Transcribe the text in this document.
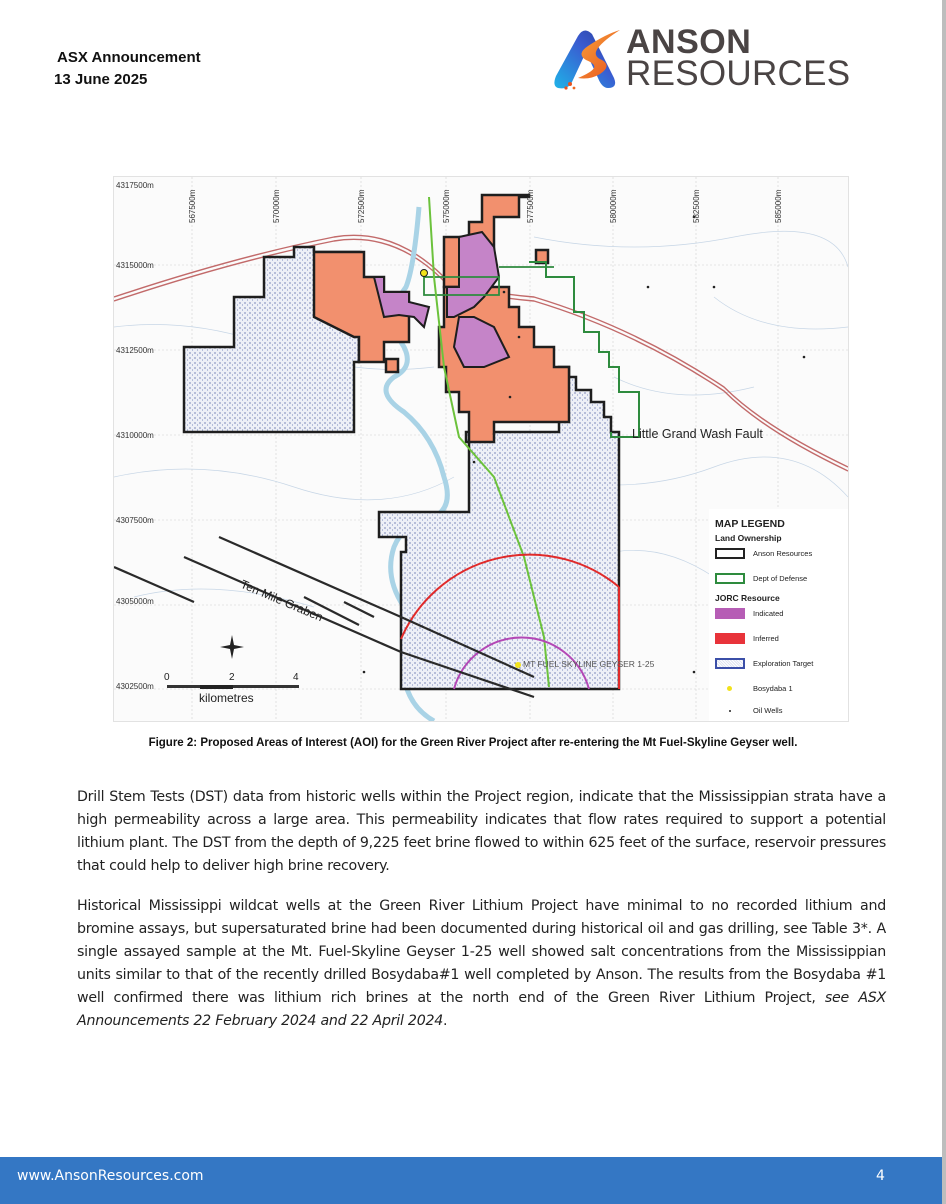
ASX Announcement
13 June 2025
ANSON
RESOURCES
4317500m
4315000m
4312500m
4310000m
4307500m
4305000m
4302500m
567500m	570000m	572500m	575000m	577500m	580000m	582500m	585000m
Little Grand Wash Fault
Ten Mile Graben
MT FUEL SKYLINE GEYSER 1-25
0	2	4
kilometres
MAP LEGEND
Land Ownership
Anson Resources
Dept of Defense
JORC Resource
Indicated
Inferred
Exploration Target
Bosydaba 1
Oil Wells
Figure 2: Proposed Areas of Interest (AOI) for the Green River Project after re-entering the Mt Fuel-Skyline Geyser well.

Drill Stem Tests (DST) data from historic wells within the Project region, indicate that the Mississippian strata have a high permeability across a large area. This permeability indicates that flow rates required to support a potential lithium plant. The DST from the depth of 9,225 feet brine flowed to within 625 feet of the surface, reservoir pressures that could help to deliver high brine recovery.

Historical Mississippi wildcat wells at the Green River Lithium Project have minimal to no recorded lithium and bromine assays, but supersaturated brine had been documented during historical oil and gas drilling, see Table 3*. A single assayed sample at the Mt. Fuel-Skyline Geyser 1-25 well showed salt concentrations from the Mississippian units similar to that of the recently drilled Bosydaba#1 well completed by Anson. The results from the Bosydaba #1 well confirmed there was lithium rich brines at the north end of the Green River Lithium Project, see ASX Announcements 22 February 2024 and 22 April 2024.

www.AnsonResources.com	4
